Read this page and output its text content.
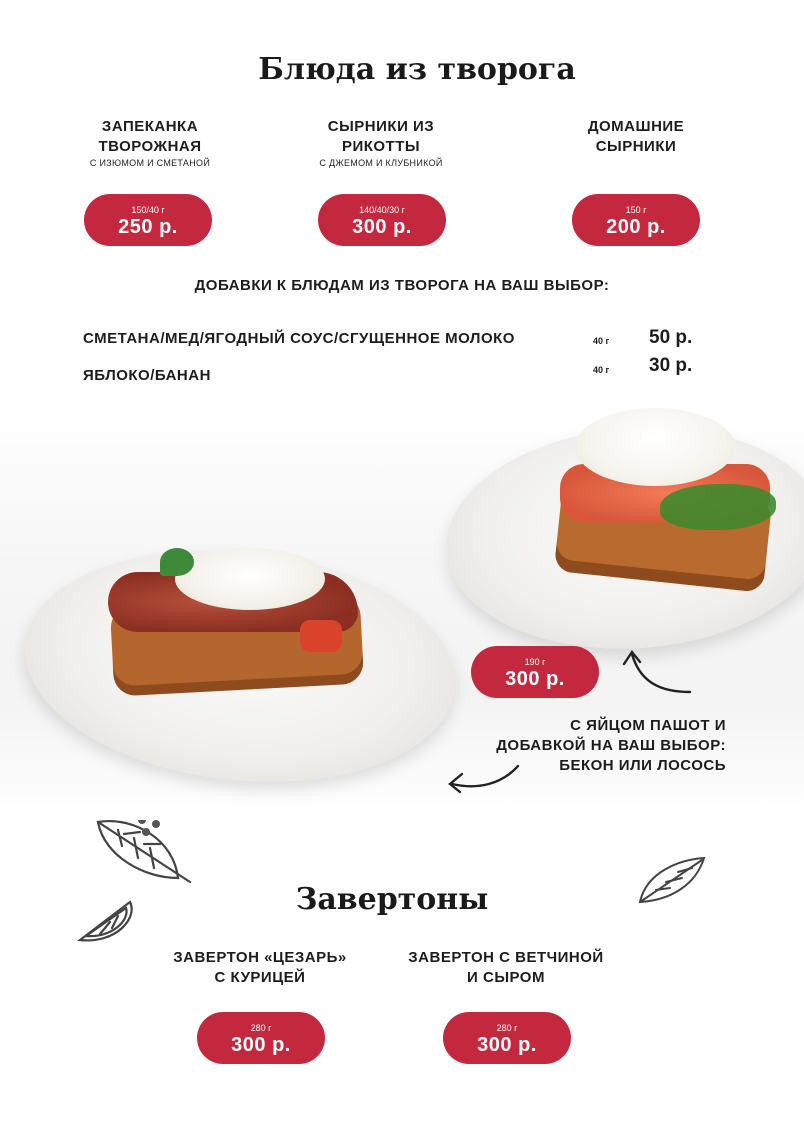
Блюда из творога
ЗАПЕКАНКА
ТВОРОЖНАЯ
С ИЗЮМОМ И СМЕТАНОЙ
150/40 г
250 р.
СЫРНИКИ ИЗ
РИКОТТЫ
С ДЖЕМОМ И КЛУБНИКОЙ
140/40/30 г
300 р.
ДОМАШНИЕ
СЫРНИКИ
150 г
200 р.
ДОБАВКИ К БЛЮДАМ ИЗ ТВОРОГА НА ВАШ ВЫБОР:
СМЕТАНА/МЕД/ЯГОДНЫЙ СОУС/СГУЩЕННОЕ МОЛОКО	40 г 50 р.
ЯБЛОКО/БАНАН	40 г 30 р.
190 г
300 р.
С ЯЙЦОМ ПАШОТ И
ДОБАВКОЙ НА ВАШ ВЫБОР:
БЕКОН ИЛИ ЛОСОСЬ
Завертоны
ЗАВЕРТОН «ЦЕЗАРЬ»
С КУРИЦЕЙ
280 г
300 р.
ЗАВЕРТОН С ВЕТЧИНОЙ
И СЫРОМ
280 г
300 р.
